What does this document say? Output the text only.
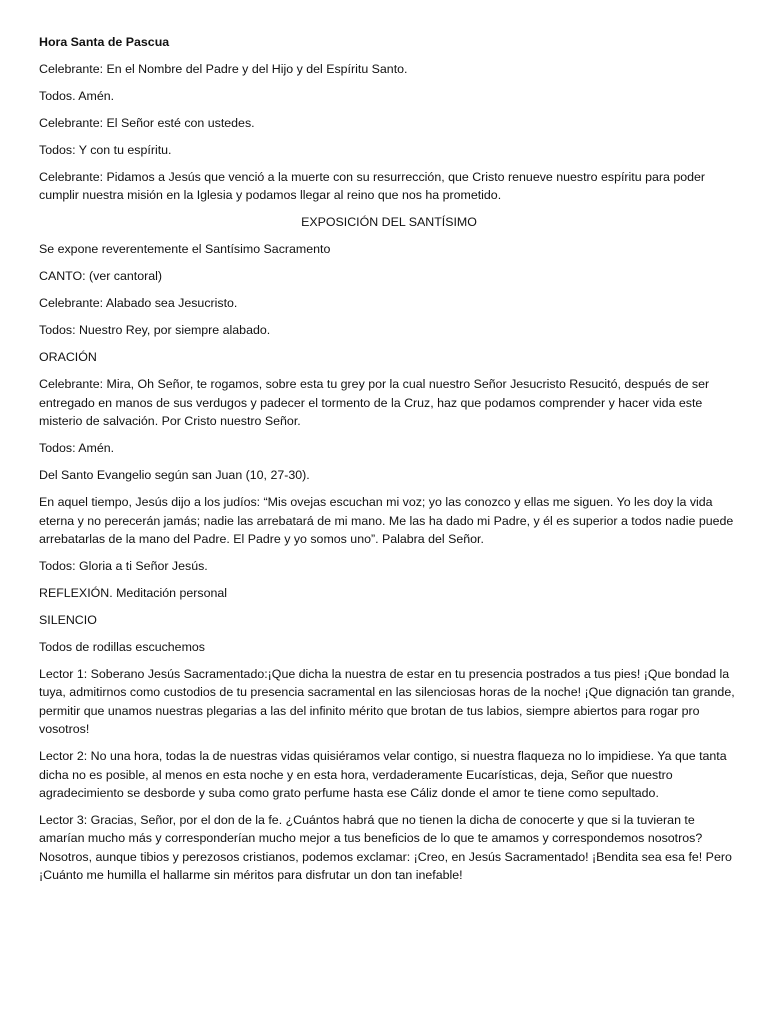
Hora Santa de Pascua

Celebrante: En el Nombre del Padre y del Hijo y del Espíritu Santo.

Todos. Amén.

Celebrante: El Señor esté con ustedes.

Todos: Y con tu espíritu.

Celebrante: Pidamos a Jesús que venció a la muerte con su resurrección, que Cristo renueve nuestro espíritu para poder cumplir nuestra misión en la Iglesia y podamos llegar al reino que nos ha prometido.

EXPOSICIÓN DEL SANTÍSIMO

Se expone reverentemente el Santísimo Sacramento

CANTO: (ver cantoral)

Celebrante: Alabado sea Jesucristo.

Todos: Nuestro Rey, por siempre alabado.

ORACIÓN

Celebrante: Mira, Oh Señor, te rogamos, sobre esta tu grey por la cual nuestro Señor Jesucristo Resucitó, después de ser entregado en manos de sus verdugos y padecer el tormento de la Cruz, haz que podamos comprender y hacer vida este misterio de salvación. Por Cristo nuestro Señor.

Todos: Amén.

Del Santo Evangelio según san Juan (10, 27-30).

En aquel tiempo, Jesús dijo a los judíos: “Mis ovejas escuchan mi voz; yo las conozco y ellas me siguen. Yo les doy la vida eterna y no perecerán jamás; nadie las arrebatará de mi mano. Me las ha dado mi Padre, y él es superior a todos nadie puede arrebatarlas de la mano del Padre. El Padre y yo somos uno”. Palabra del Señor.

Todos: Gloria a ti Señor Jesús.

REFLEXIÓN. Meditación personal

SILENCIO

Todos de rodillas escuchemos

Lector 1: Soberano Jesús Sacramentado:¡Que dicha la nuestra de estar en tu presencia postrados a tus pies! ¡Que bondad la tuya, admitirnos como custodios de tu presencia sacramental en las silenciosas horas de la noche! ¡Que dignación tan grande, permitir que unamos nuestras plegarias a las del infinito mérito que brotan de tus labios, siempre abiertos para rogar pro vosotros!

Lector 2: No una hora, todas la de nuestras vidas quisiéramos velar contigo, si nuestra flaqueza no lo impidiese. Ya que tanta dicha no es posible, al menos en esta noche y en esta hora, verdaderamente Eucarísticas, deja, Señor que nuestro agradecimiento se desborde y suba como grato perfume hasta ese Cáliz donde el amor te tiene como sepultado.

Lector 3: Gracias, Señor, por el don de la fe. ¿Cuántos habrá que no tienen la dicha de conocerte y que si la tuvieran te amarían mucho más y corresponderían mucho mejor a tus beneficios de lo que te amamos y correspondemos nosotros? Nosotros, aunque tibios y perezosos cristianos, podemos exclamar: ¡Creo, en Jesús Sacramentado! ¡Bendita sea esa fe! Pero ¡Cuánto me humilla el hallarme sin méritos para disfrutar un don tan inefable!
